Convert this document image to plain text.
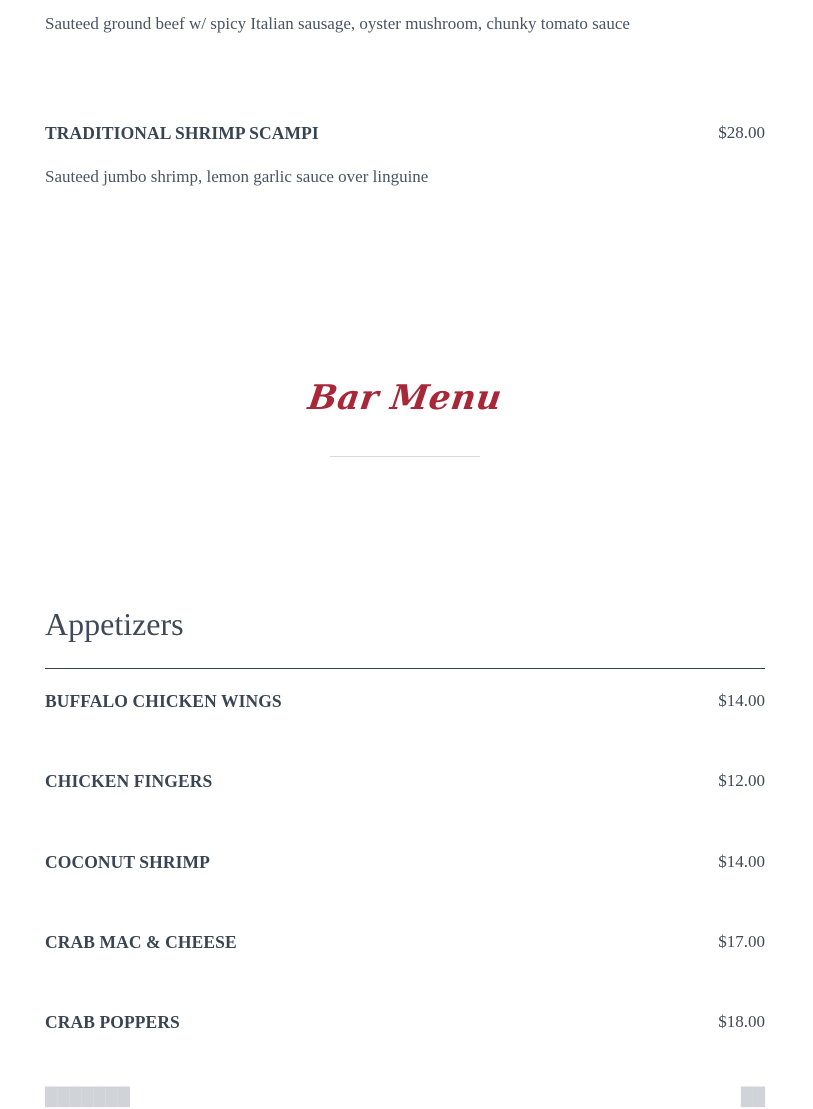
Sauteed ground beef w/ spicy Italian sausage, oyster mushroom, chunky tomato sauce

TRADITIONAL SHRIMP SCAMPI	$28.00

Sauteed jumbo shrimp, lemon garlic sauce over linguine

Bar Menu
Appetizers
BUFFALO CHICKEN WINGS	$14.00
CHICKEN FINGERS	$12.00
COCONUT SHRIMP	$14.00
CRAB MAC & CHEESE	$17.00
CRAB POPPERS	$18.00
███████	██
